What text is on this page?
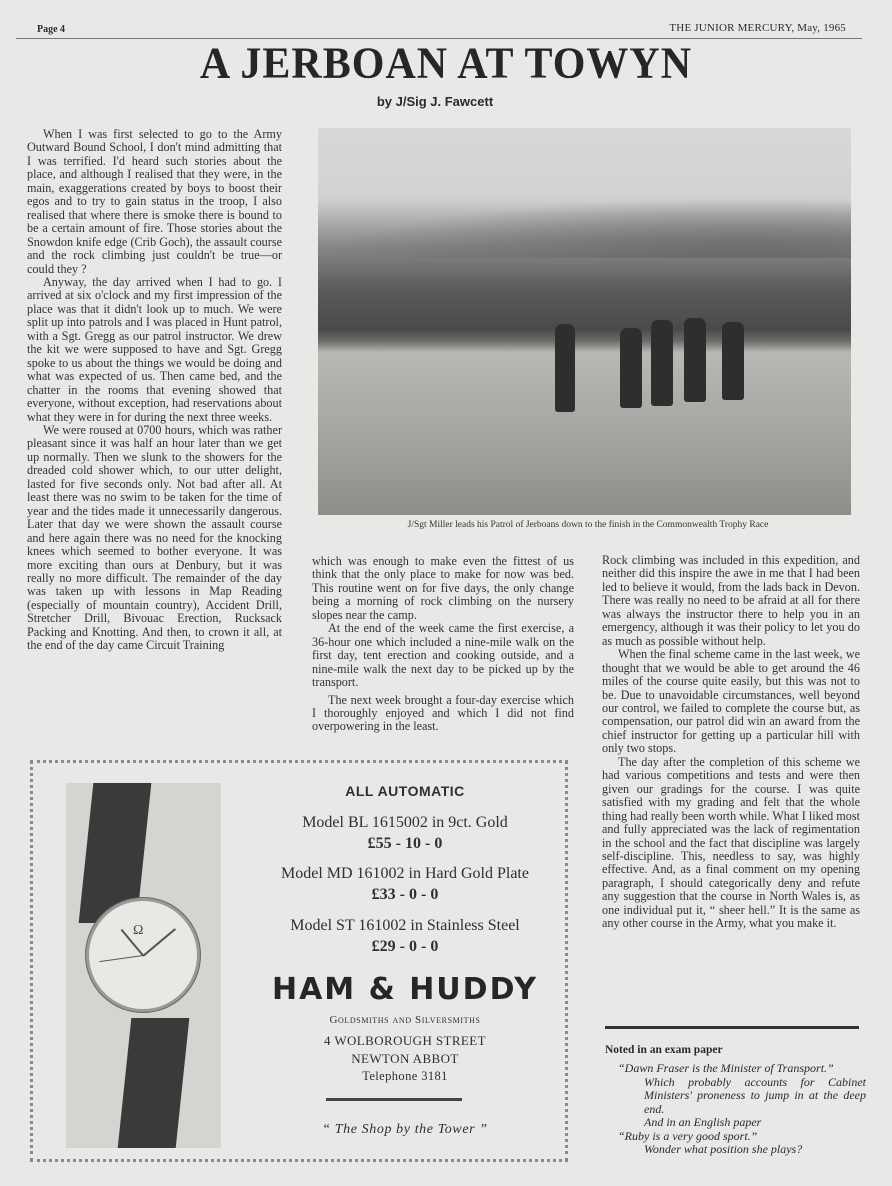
Page 4	THE JUNIOR MERCURY, May, 1965
A JERBOAN AT TOWYN
by J/Sig J. Fawcett

When I was first selected to go to the Army Outward Bound School, I don't mind admitting that I was terrified. I'd heard such stories about the place, and although I realised that they were, in the main, exaggerations created by boys to boost their egos and to try to gain status in the troop, I also realised that where there is smoke there is bound to be a certain amount of fire. Those stories about the Snowdon knife edge (Crib Goch), the assault course and the rock climbing just couldn't be true—or could they ?

Anyway, the day arrived when I had to go. I arrived at six o'clock and my first impression of the place was that it didn't look up to much. We were split up into patrols and I was placed in Hunt patrol, with a Sgt. Gregg as our patrol instructor. We drew the kit we were supposed to have and Sgt. Gregg spoke to us about the things we would be doing and what was expected of us. Then came bed, and the chatter in the rooms that evening showed that everyone, without exception, had reservations about what they were in for during the next three weeks.

We were roused at 0700 hours, which was rather pleasant since it was half an hour later than we get up normally. Then we slunk to the showers for the dreaded cold shower which, to our utter delight, lasted for five seconds only. Not bad after all. At least there was no swim to be taken for the time of year and the tides made it unnecessarily dangerous. Later that day we were shown the assault course and here again there was no need for the knocking knees which seemed to bother everyone. It was more exciting than ours at Denbury, but it was really no more difficult. The remainder of the day was taken up with lessons in Map Reading (especially of mountain country), Accident Drill, Stretcher Drill, Bivouac Erection, Rucksack Packing and Knotting. And then, to crown it all, at the end of the day came Circuit Training

J/Sgt Miller leads his Patrol of Jerboans down to the finish in the Commonwealth Trophy Race

which was enough to make even the fittest of us think that the only place to make for now was bed. This routine went on for five days, the only change being a morning of rock climbing on the nursery slopes near the camp.

At the end of the week came the first exercise, a 36-hour one which included a nine-mile walk on the first day, tent erection and cooking outside, and a nine-mile walk the next day to be picked up by the transport.

The next week brought a four-day exercise which I thoroughly enjoyed and which I did not find overpowering in the least.

Rock climbing was included in this expedition, and neither did this inspire the awe in me that I had been led to believe it would, from the lads back in Devon. There was really no need to be afraid at all for there was always the instructor there to help you in an emergency, although it was their policy to let you do as much as possible without help.

When the final scheme came in the last week, we thought that we would be able to get around the 46 miles of the course quite easily, but this was not to be. Due to unavoidable circumstances, well beyond our control, we failed to complete the course but, as compensation, our patrol did win an award from the chief instructor for getting up a particular hill with only two stops.

The day after the completion of this scheme we had various competitions and tests and were then given our gradings for the course. I was quite satisfied with my grading and felt that the whole thing had really been worth while. What I liked most and fully appreciated was the lack of regimentation in the school and the fact that discipline was largely self-discipline. This, needless to say, was highly effective. And, as a final comment on my opening paragraph, I should categorically deny and refute any suggestion that the course in North Wales is, as one individual put it, “ sheer hell.” It is the same as any other course in the Army, what you make it.

Ω
ALL AUTOMATIC
Model BL 1615002 in 9ct. Gold
£55 - 10 - 0
Model MD 161002 in Hard Gold Plate
£33 - 0 - 0
Model ST 161002 in Stainless Steel
£29 - 0 - 0
HAM & HUDDY
Goldsmiths and Silversmiths
4 WOLBOROUGH STREET
NEWTON ABBOT
Telephone 3181
“ The Shop by the Tower ”
Noted in an exam paper
“Dawn Fraser is the Minister of Transport.”
Which probably accounts for Cabinet Ministers' proneness to jump in at the deep end.
And in an English paper
“Ruby is a very good sport.”
Wonder what position she plays?
